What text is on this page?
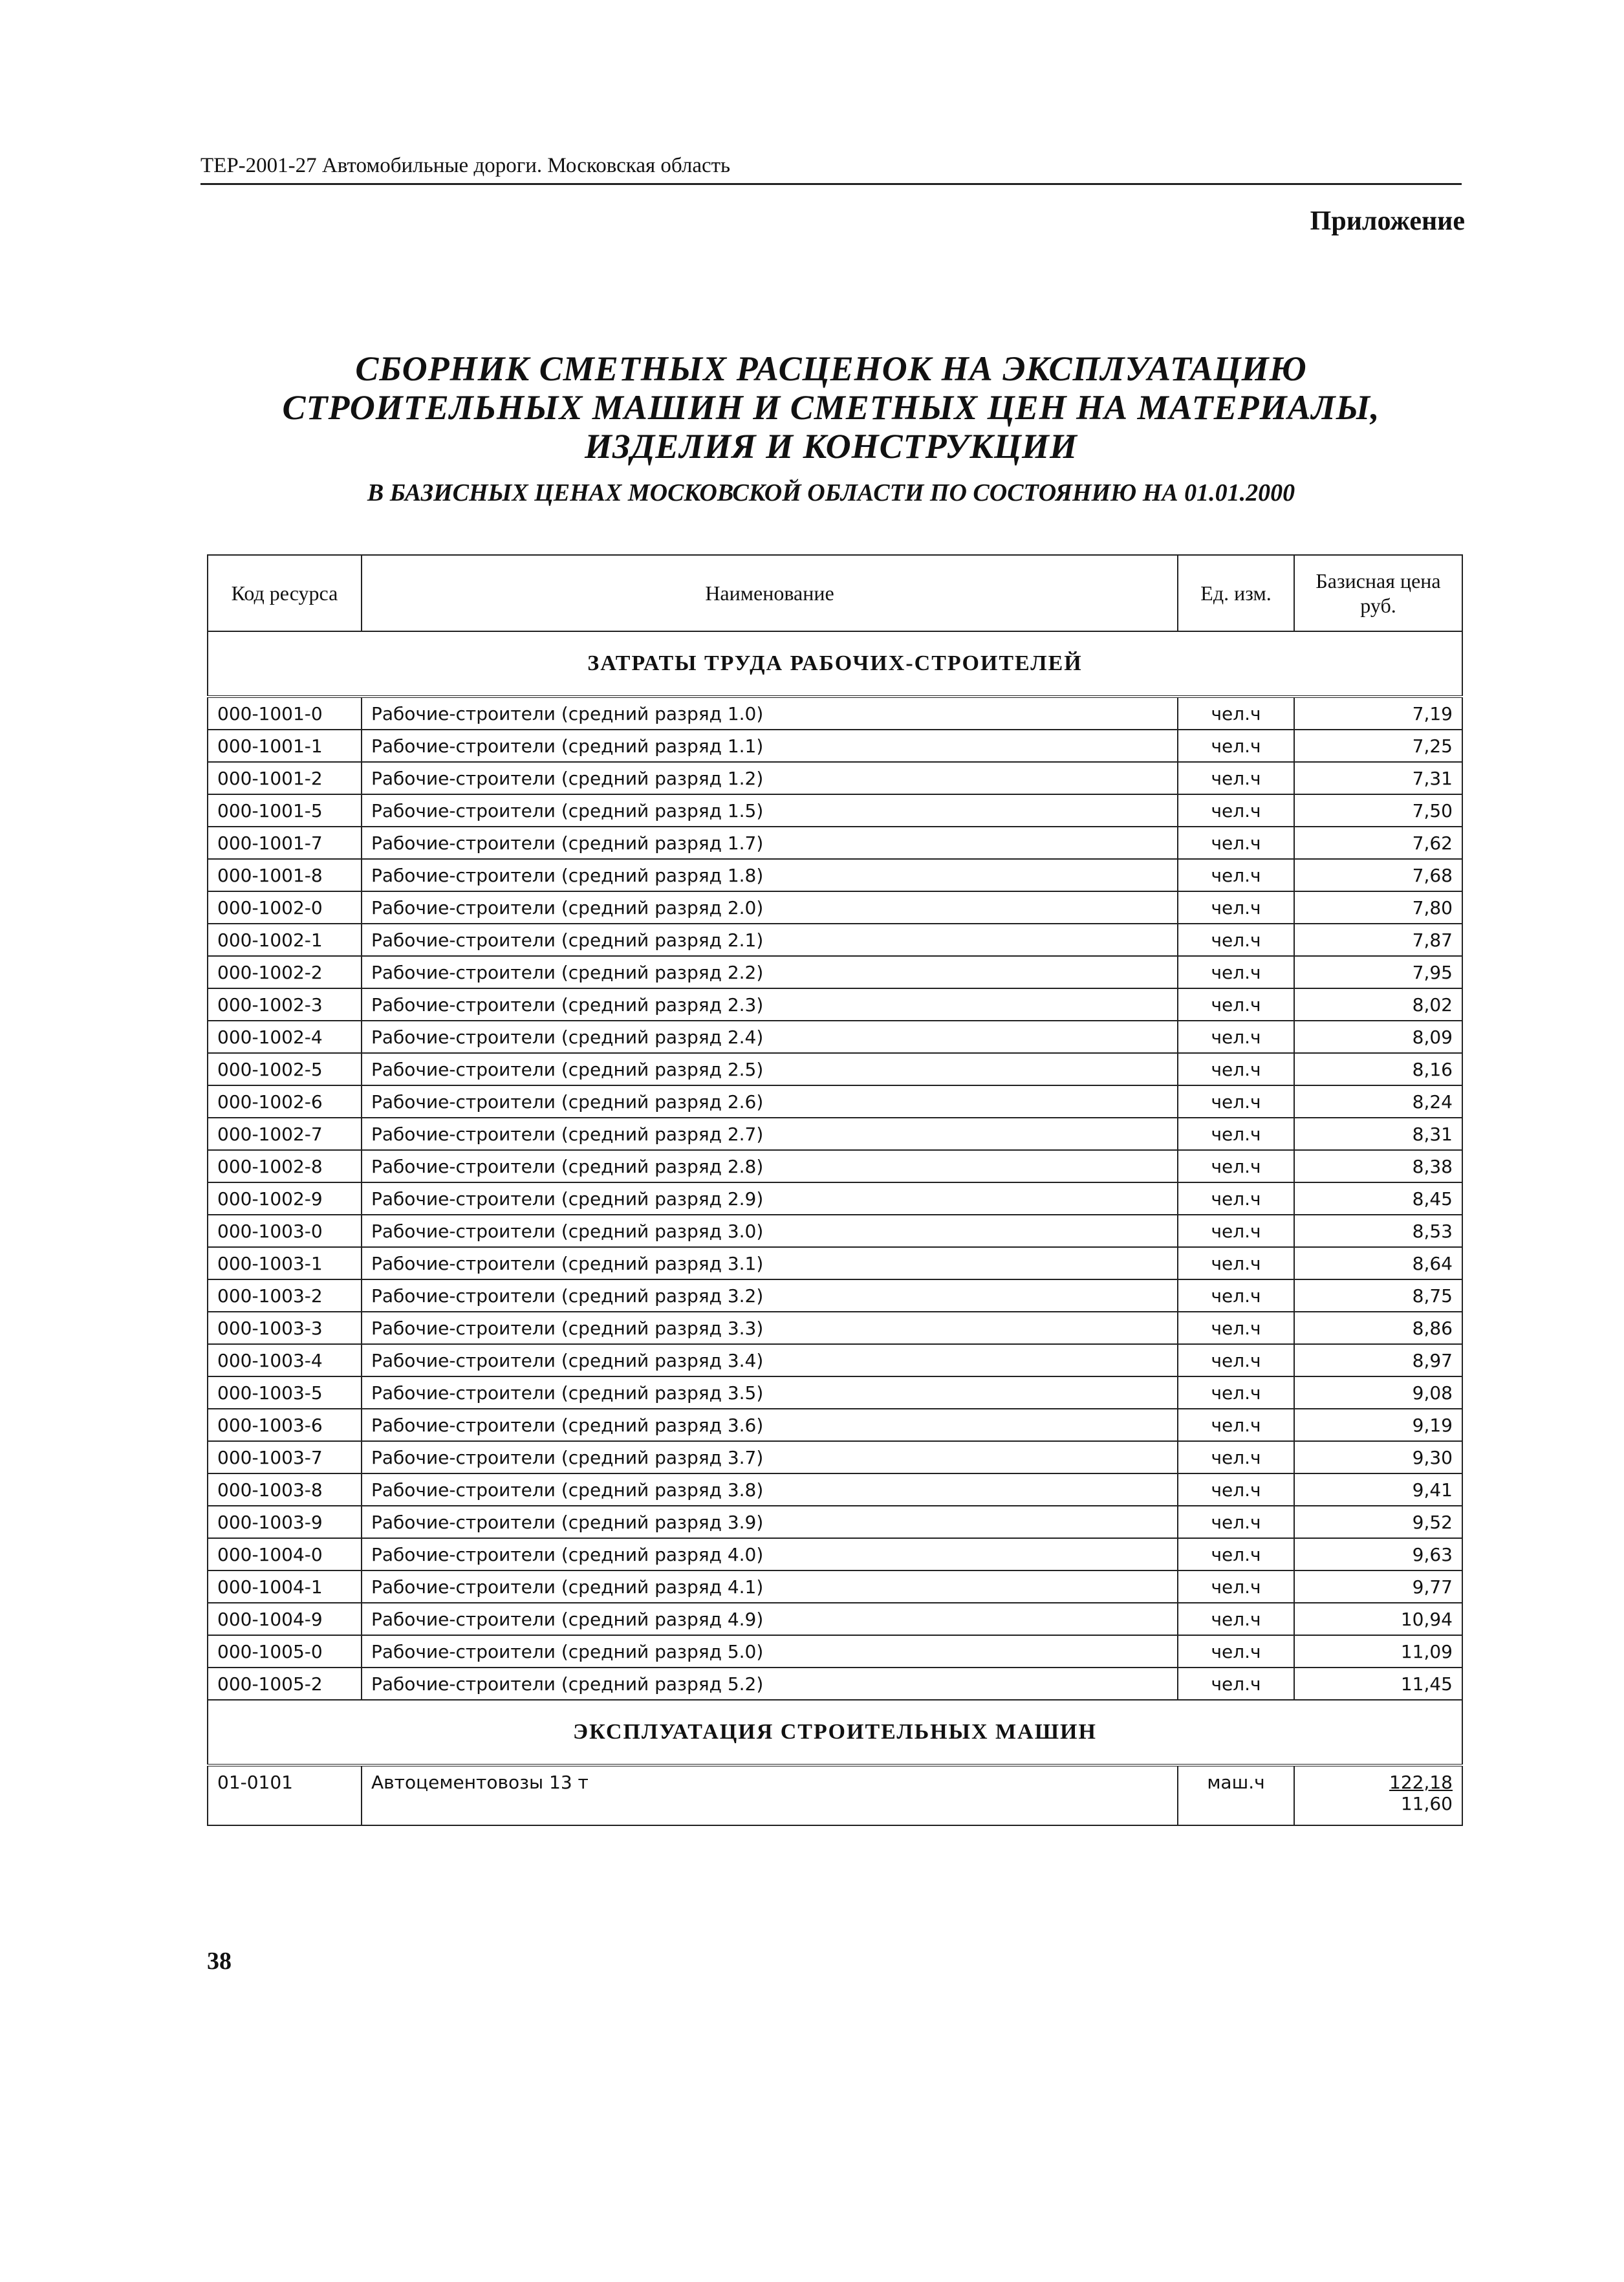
ТЕР-2001-27 Автомобильные дороги. Московская область
Приложение
СБОРНИК СМЕТНЫХ РАСЦЕНОК НА ЭКСПЛУАТАЦИЮ
СТРОИТЕЛЬНЫХ МАШИН И СМЕТНЫХ ЦЕН НА МАТЕРИАЛЫ,
ИЗДЕЛИЯ И КОНСТРУКЦИИ
В БАЗИСНЫХ ЦЕНАХ МОСКОВСКОЙ ОБЛАСТИ ПО СОСТОЯНИЮ НА 01.01.2000
Код ресурса	Наименование	Ед. изм.	Базисная цена
руб.

ЗАТРАТЫ ТРУДА РАБОЧИХ-СТРОИТЕЛЕЙ			
000-1001-0	Рабочие-строители (средний разряд 1.0)	чел.ч	7,19
000-1001-1	Рабочие-строители (средний разряд 1.1)	чел.ч	7,25
000-1001-2	Рабочие-строители (средний разряд 1.2)	чел.ч	7,31
000-1001-5	Рабочие-строители (средний разряд 1.5)	чел.ч	7,50
000-1001-7	Рабочие-строители (средний разряд 1.7)	чел.ч	7,62
000-1001-8	Рабочие-строители (средний разряд 1.8)	чел.ч	7,68
000-1002-0	Рабочие-строители (средний разряд 2.0)	чел.ч	7,80
000-1002-1	Рабочие-строители (средний разряд 2.1)	чел.ч	7,87
000-1002-2	Рабочие-строители (средний разряд 2.2)	чел.ч	7,95
000-1002-3	Рабочие-строители (средний разряд 2.3)	чел.ч	8,02
000-1002-4	Рабочие-строители (средний разряд 2.4)	чел.ч	8,09
000-1002-5	Рабочие-строители (средний разряд 2.5)	чел.ч	8,16
000-1002-6	Рабочие-строители (средний разряд 2.6)	чел.ч	8,24
000-1002-7	Рабочие-строители (средний разряд 2.7)	чел.ч	8,31
000-1002-8	Рабочие-строители (средний разряд 2.8)	чел.ч	8,38
000-1002-9	Рабочие-строители (средний разряд 2.9)	чел.ч	8,45
000-1003-0	Рабочие-строители (средний разряд 3.0)	чел.ч	8,53
000-1003-1	Рабочие-строители (средний разряд 3.1)	чел.ч	8,64
000-1003-2	Рабочие-строители (средний разряд 3.2)	чел.ч	8,75
000-1003-3	Рабочие-строители (средний разряд 3.3)	чел.ч	8,86
000-1003-4	Рабочие-строители (средний разряд 3.4)	чел.ч	8,97
000-1003-5	Рабочие-строители (средний разряд 3.5)	чел.ч	9,08
000-1003-6	Рабочие-строители (средний разряд 3.6)	чел.ч	9,19
000-1003-7	Рабочие-строители (средний разряд 3.7)	чел.ч	9,30
000-1003-8	Рабочие-строители (средний разряд 3.8)	чел.ч	9,41
000-1003-9	Рабочие-строители (средний разряд 3.9)	чел.ч	9,52
000-1004-0	Рабочие-строители (средний разряд 4.0)	чел.ч	9,63
000-1004-1	Рабочие-строители (средний разряд 4.1)	чел.ч	9,77
000-1004-9	Рабочие-строители (средний разряд 4.9)	чел.ч	10,94
000-1005-0	Рабочие-строители (средний разряд 5.0)	чел.ч	11,09
000-1005-2	Рабочие-строители (средний разряд 5.2)	чел.ч	11,45
ЭКСПЛУАТАЦИЯ СТРОИТЕЛЬНЫХ МАШИН			
01-0101	Автоцементовозы 13 т	маш.ч	122,18
11,60
38
